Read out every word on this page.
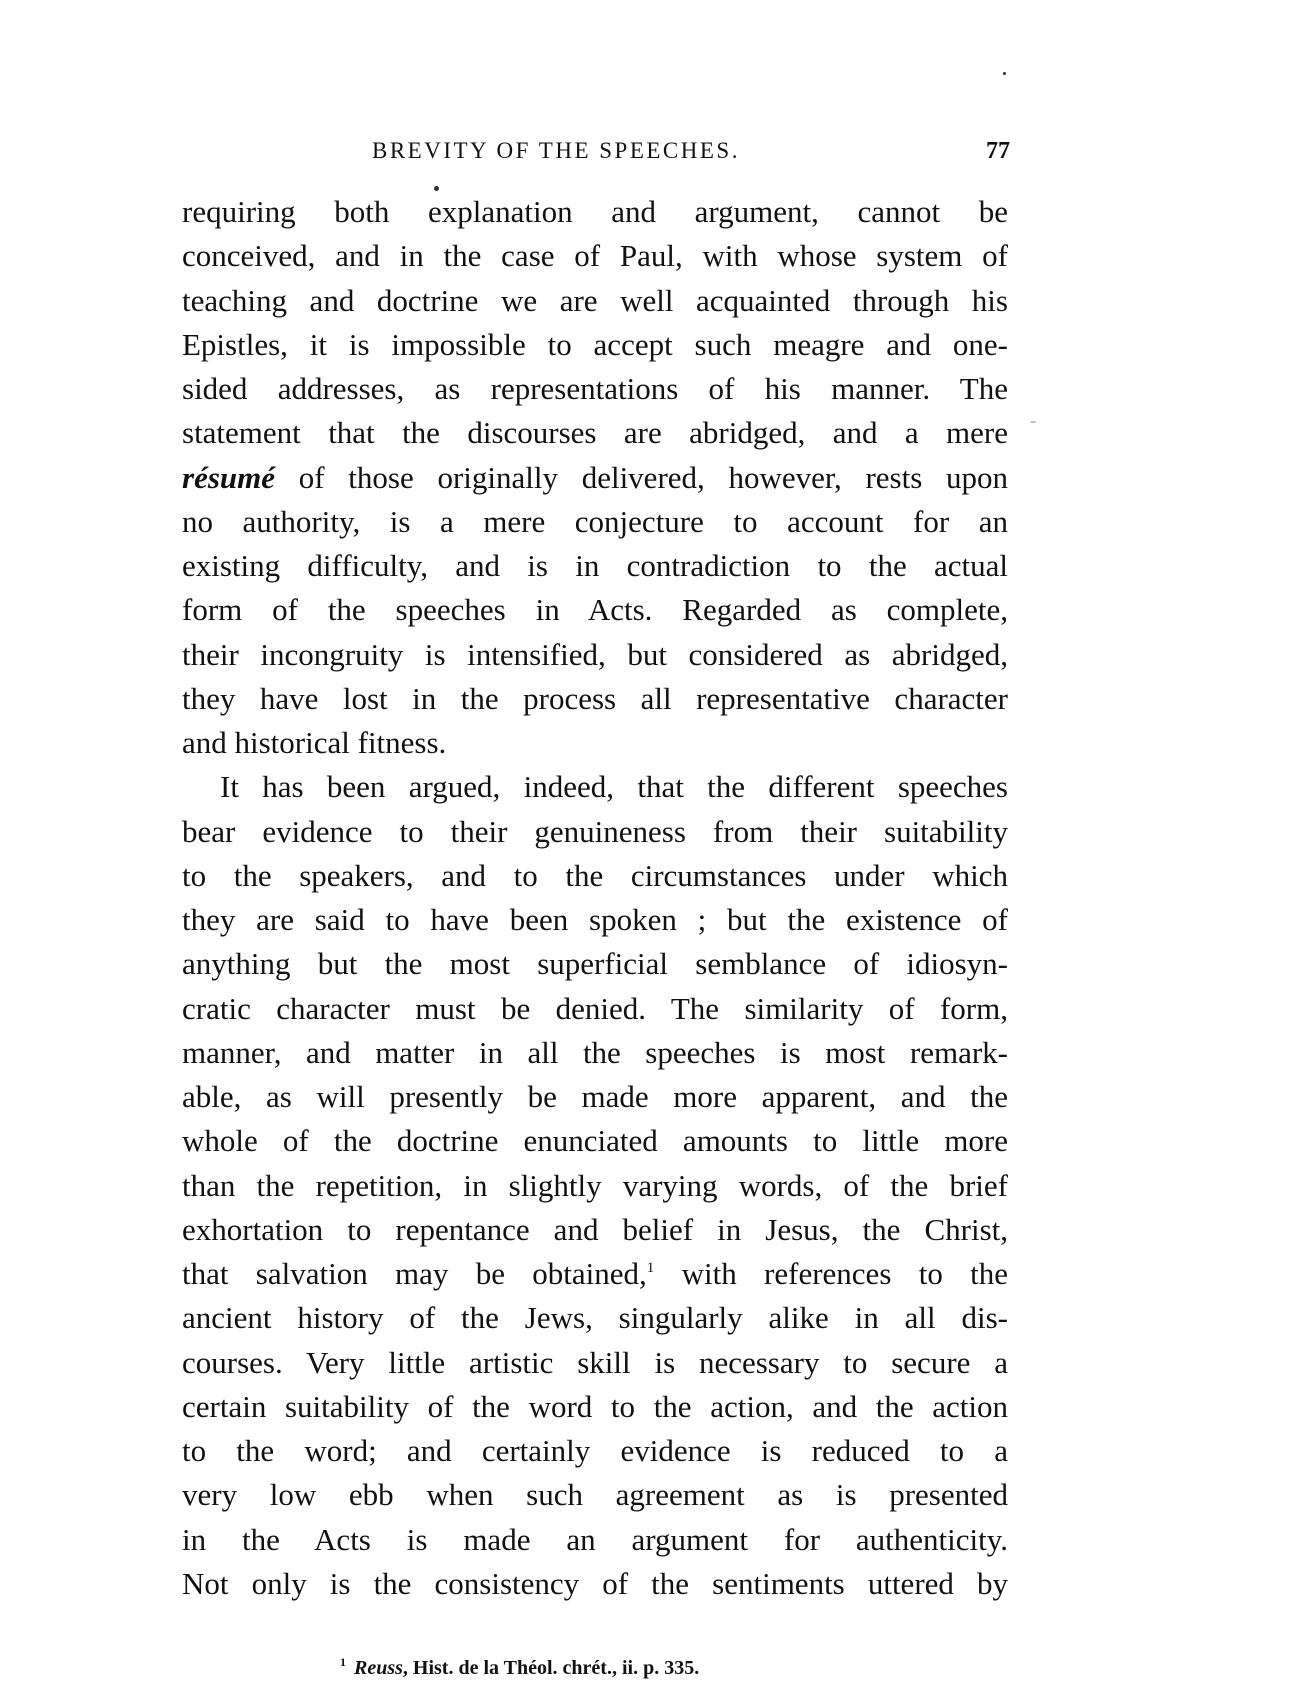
BREVITY OF THE SPEECHES.	77
requiring both explanation and argument, cannot be
conceived, and in the case of Paul, with whose system of
teaching and doctrine we are well acquainted through his
Epistles, it is impossible to accept such meagre and one-
sided addresses, as representations of his manner. The
statement that the discourses are abridged, and a mere
résumé of those originally delivered, however, rests upon
no authority, is a mere conjecture to account for an
existing difficulty, and is in contradiction to the actual
form of the speeches in Acts. Regarded as complete,
their incongruity is intensified, but considered as abridged,
they have lost in the process all representative character
and historical fitness.
It has been argued, indeed, that the different speeches
bear evidence to their genuineness from their suitability
to the speakers, and to the circumstances under which
they are said to have been spoken ; but the existence of
anything but the most superficial semblance of idiosyn-
cratic character must be denied. The similarity of form,
manner, and matter in all the speeches is most remark-
able, as will presently be made more apparent, and the
whole of the doctrine enunciated amounts to little more
than the repetition, in slightly varying words, of the brief
exhortation to repentance and belief in Jesus, the Christ,
that salvation may be obtained,$^1$ with references to the
ancient history of the Jews, singularly alike in all dis-
courses. Very little artistic skill is necessary to secure a
certain suitability of the word to the action, and the action
to the word; and certainly evidence is reduced to a
very low ebb when such agreement as is presented
in the Acts is made an argument for authenticity.
Not only is the consistency of the sentiments uttered by
$^1$ Reuss, Hist. de la Théol. chrét., ii. p. 335.
